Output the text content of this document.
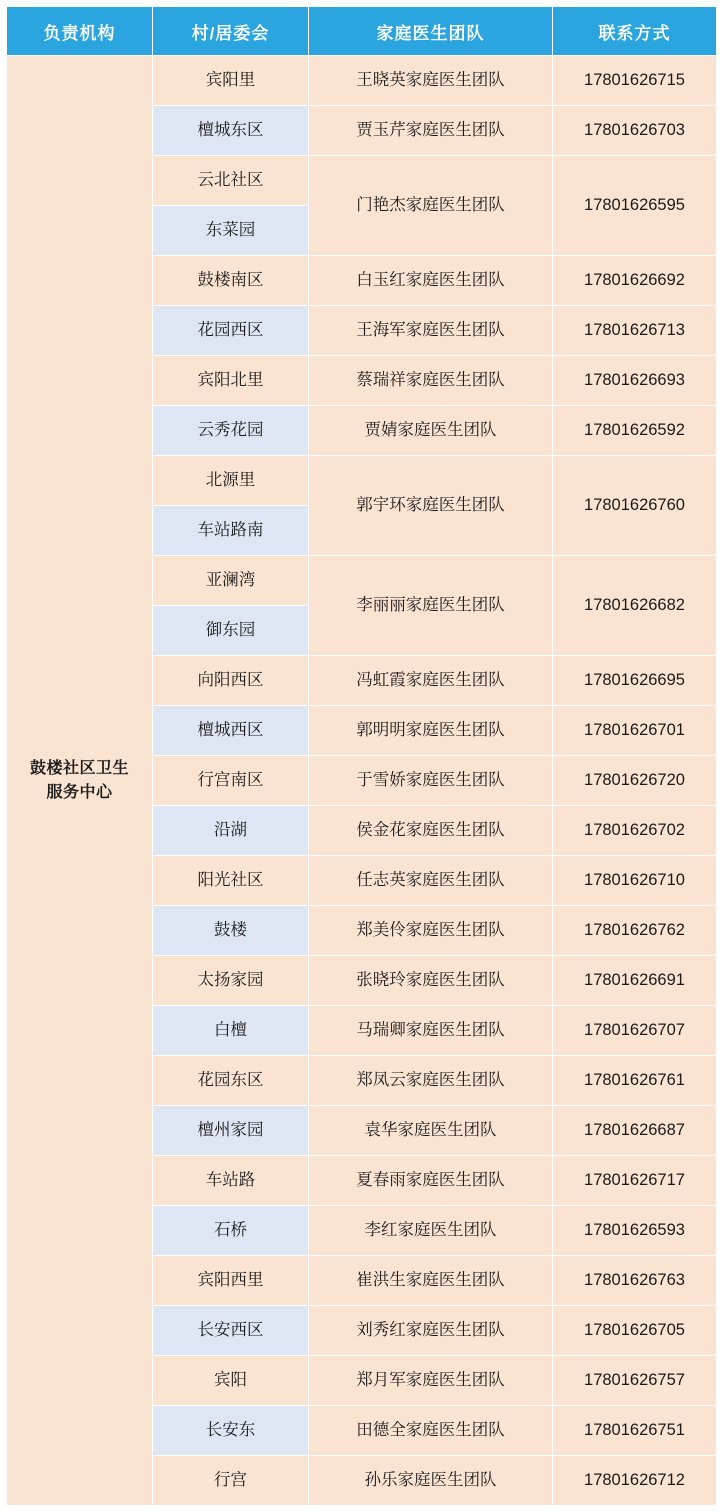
负责机构	村/居委会	家庭医生团队	联系方式

鼓楼社区卫生
服务中心	宾阳里	王晓英家庭医生团队	17801626715
	檀城东区	贾玉芹家庭医生团队	17801626703
	云北社区	门艳杰家庭医生团队	17801626595
	东菜园		
	鼓楼南区	白玉红家庭医生团队	17801626692
	花园西区	王海军家庭医生团队	17801626713
	宾阳北里	蔡瑞祥家庭医生团队	17801626693
	云秀花园	贾婧家庭医生团队	17801626592
	北源里	郭宇环家庭医生团队	17801626760
	车站路南		
	亚澜湾	李丽丽家庭医生团队	17801626682
	御东园		
	向阳西区	冯虹霞家庭医生团队	17801626695
	檀城西区	郭明明家庭医生团队	17801626701
	行宫南区	于雪娇家庭医生团队	17801626720
	沿湖	侯金花家庭医生团队	17801626702
	阳光社区	任志英家庭医生团队	17801626710
	鼓楼	郑美伶家庭医生团队	17801626762
	太扬家园	张晓玲家庭医生团队	17801626691
	白檀	马瑞卿家庭医生团队	17801626707
	花园东区	郑凤云家庭医生团队	17801626761
	檀州家园	袁华家庭医生团队	17801626687
	车站路	夏春雨家庭医生团队	17801626717
	石桥	李红家庭医生团队	17801626593
	宾阳西里	崔洪生家庭医生团队	17801626763
	长安西区	刘秀红家庭医生团队	17801626705
	宾阳	郑月军家庭医生团队	17801626757
	长安东	田德全家庭医生团队	17801626751
	行宫	孙乐家庭医生团队	17801626712
